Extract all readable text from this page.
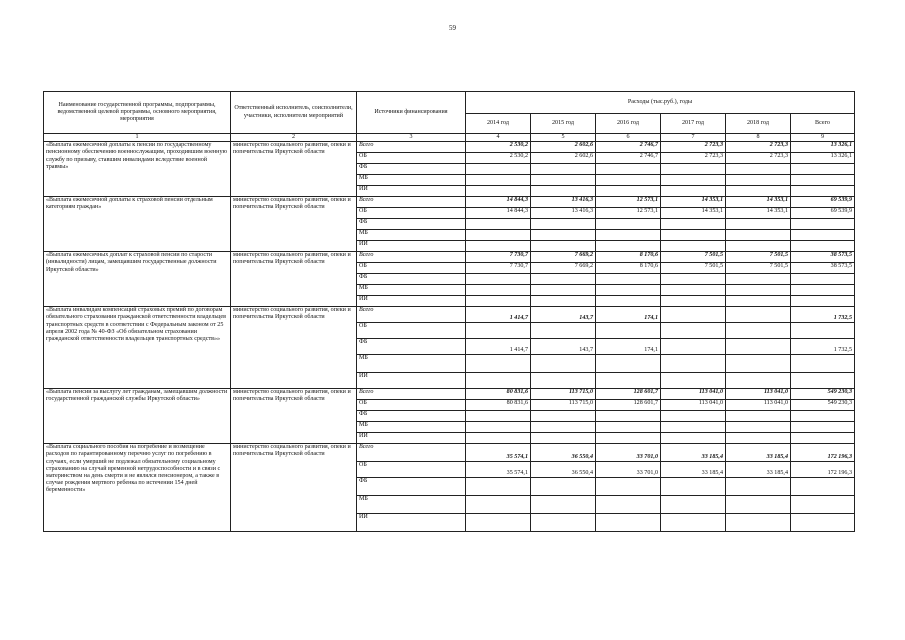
59
Наименование государственной программы, подпрограммы, ведомственной целевой программы, основного мероприятия, мероприятия	Ответственный исполнитель, соисполнители, участники, исполнители мероприятий	Источники финансирования	Расходы (тыс.руб.), годы					
			2014 год	2015 год	2016 год	2017 год	2018 год	Всего
1	2	3	4	5	6	7	8	9
«Выплата ежемесячной доплаты к пенсии по государственному пенсионному обеспечению военнослужащим, проходившим военную службу по призыву, ставшим инвалидами вследствие военной травмы»	министерство социального развития, опеки и попечительства Иркутской области	Всего	2 530,2	2 602,6	2 746,7	2 723,3	2 723,3	13 326,1
		ОБ	2 530,2	2 602,6	2 746,7	2 723,3	2 723,3	13 326,1
		ФБ						
		МБ						
		ИИ						
«Выплата ежемесячной доплаты к страховой пенсии отдельным категориям граждан»	министерство социального развития, опеки и попечительства Иркутской области	Всего	14 844,3	13 416,3	12 573,1	14 353,1	14 353,1	69 539,9
		ОБ	14 844,3	13 416,3	12 573,1	14 353,1	14 353,1	69 539,9
		ФБ						
		МБ						
		ИИ						
«Выплата ежемесячных доплат к страховой пенсии по старости (инвалидности) лицам, замещавшим государственные должности Иркутской области»	министерство социального развития, опеки и попечительства Иркутской области	Всего	7 730,7	7 669,2	8 170,6	7 501,5	7 501,5	38 573,5
		ОБ	7 730,7	7 669,2	8 170,6	7 501,5	7 501,5	38 573,5
		ФБ						
		МБ						
		ИИ						
«Выплата инвалидам компенсаций страховых премий по договорам обязательного страхования гражданской ответственности владельцев транспортных средств в соответствии с Федеральным законом от 25 апреля 2002 года № 40-ФЗ «Об обязательном страховании гражданской ответственности владельцев транспортных средств»»	министерство социального развития, опеки и попечительства Иркутской области	Всего	1 414,7	143,7	174,1			1 732,5
		ОБ						
		ФБ	1 414,7	143,7	174,1			1 732,5
		МБ						
		ИИ						
«Выплата пенсии за выслугу лет гражданам, замещавшим должности государственной гражданской службы Иркутской области»	министерство социального развития, опеки и попечительства Иркутской области	Всего	80 831,6	113 715,0	128 601,7	113 041,0	113 041,0	549 230,3
		ОБ	80 831,6	113 715,0	128 601,7	113 041,0	113 041,0	549 230,3
		ФБ						
		МБ						
		ИИ						
«Выплата социального пособия на погребение и возмещение расходов по гарантированному перечню услуг по погребению в случаях, если умерший не подлежал обязательному социальному страхованию на случай временной нетрудоспособности и в связи с материнством на день смерти и не являлся пенсионером, а также в случае рождения мертвого ребенка по истечении 154 дней беременности»	министерство социального развития, опеки и попечительства Иркутской области	Всего	35 574,1	36 550,4	33 701,0	33 185,4	33 185,4	172 196,3
		ОБ	35 574,1	36 550,4	33 701,0	33 185,4	33 185,4	172 196,3
		ФБ						
		МБ						
		ИИ						
